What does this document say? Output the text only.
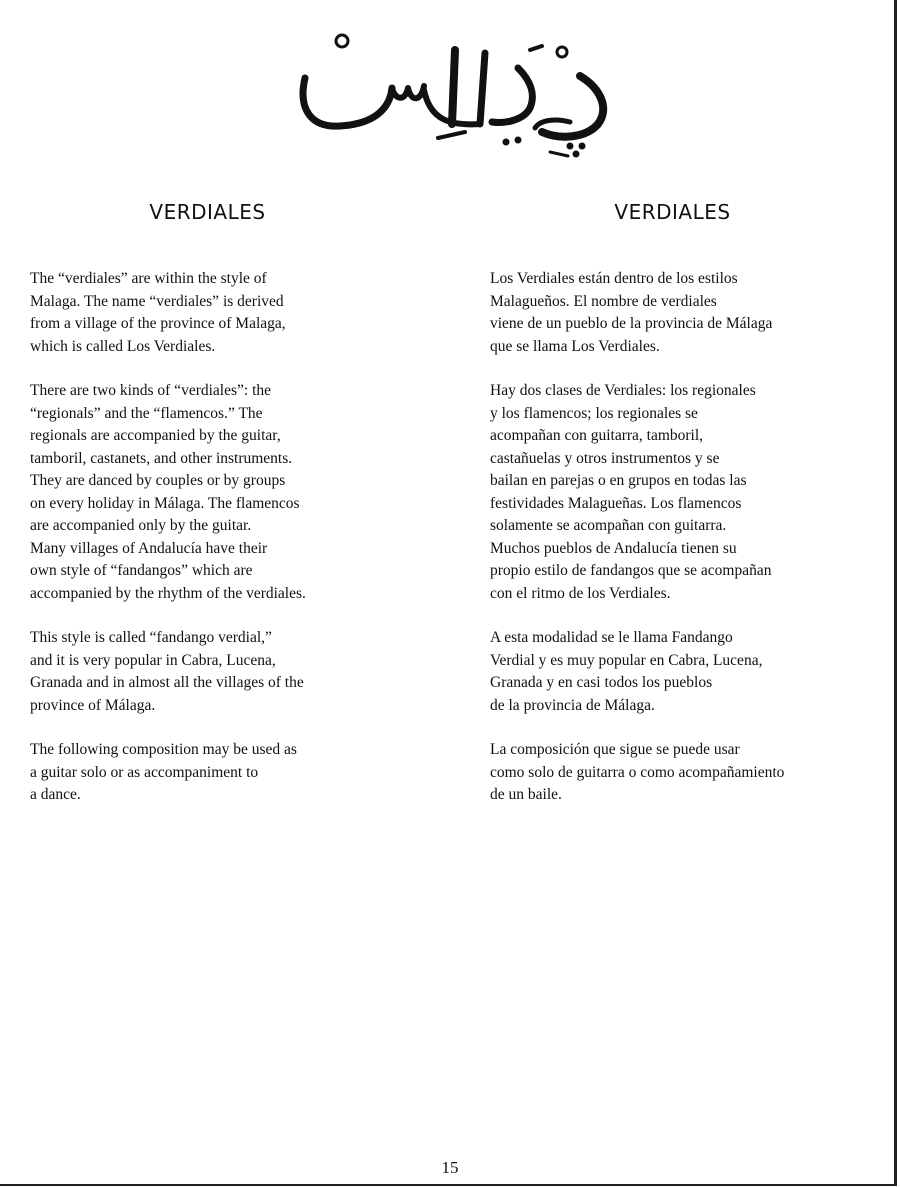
VERDIALES

The “verdiales” are within the style of
Malaga. The name “verdiales” is derived
from a village of the province of Malaga,
which is called Los Verdiales.

There are two kinds of “verdiales”: the
“regionals” and the “flamencos.” The
regionals are accompanied by the guitar,
tamboril, castanets, and other instruments.
They are danced by couples or by groups
on every holiday in Málaga. The flamencos
are accompanied only by the guitar.
Many villages of Andalucía have their
own style of “fandangos” which are
accompanied by the rhythm of the verdiales.

This style is called “fandango verdial,”
and it is very popular in Cabra, Lucena,
Granada and in almost all the villages of the
province of Málaga.

The following composition may be used as
a guitar solo or as accompaniment to
a dance.

VERDIALES

Los Verdiales están dentro de los estilos
Malagueños. El nombre de verdiales
viene de un pueblo de la provincia de Málaga
que se llama Los Verdiales.

Hay dos clases de Verdiales: los regionales
y los flamencos; los regionales se
acompañan con guitarra, tamboril,
castañuelas y otros instrumentos y se
bailan en parejas o en grupos en todas las
festividades Malagueñas. Los flamencos
solamente se acompañan con guitarra.
Muchos pueblos de Andalucía tienen su
propio estilo de fandangos que se acompañan
con el ritmo de los Verdiales.

A esta modalidad se le llama Fandango
Verdial y es muy popular en Cabra, Lucena,
Granada y en casi todos los pueblos
de la provincia de Málaga.

La composición que sigue se puede usar
como solo de guitarra o como acompañamiento
de un baile.

15
